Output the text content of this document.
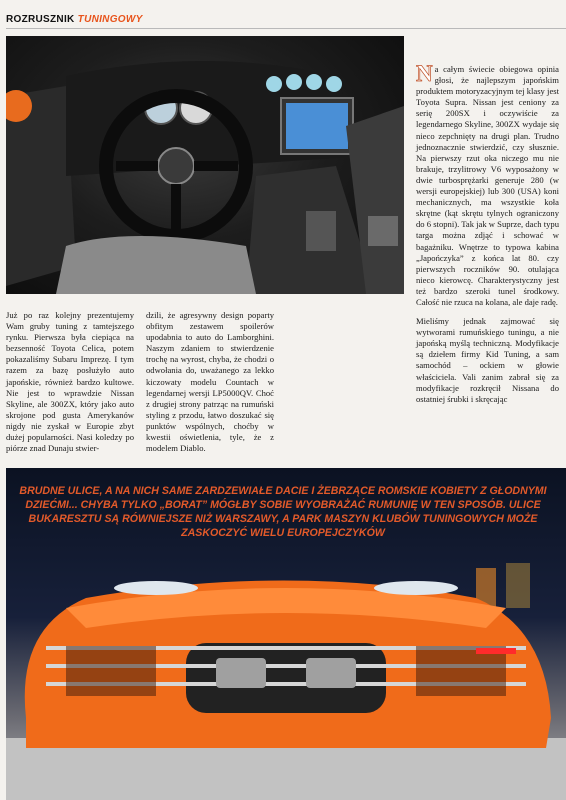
ROZRUSZNIK TUNINGOWY

Na całym świecie obiegowa opinia głosi, że najlepszym japońskim produktem motoryzacyjnym tej klasy jest Toyota Supra. Nissan jest ceniony za serię 200SX i oczywiście za legendarnego Skyline, 300ZX wydaje się nieco zepchnięty na drugi plan. Trudno jednoznacznie stwierdzić, czy słusznie. Na pierwszy rzut oka niczego mu nie brakuje, trzylitrowy V6 wyposażony w dwie turbosprężarki generuje 280 (w wersji europejskiej) lub 300 (USA) koni mechanicznych, ma wszystkie koła skrętne (kąt skrętu tylnych ograniczony do 6 stopni). Tak jak w Suprze, dach typu targa można zdjąć i schować w bagażniku. Wnętrze to typowa kabina „Japończyka” z końca lat 80. czy pierwszych roczników 90. otulająca nieco kierowcę. Charakterystyczny jest też bardzo szeroki tunel środkowy. Całość nie rzuca na kolana, ale daje radę.

Mieliśmy jednak zajmować się wytworami rumuńskiego tuningu, a nie japońską myślą techniczną. Modyfikacje są dziełem firmy Kid Tuning, a sam samochód – ockiem w głowie właściciela. Vali zanim zabrał się za modyfikacje rozkręcił Nissana do ostatniej śrubki i skręcając

Już po raz kolejny prezentujemy Wam gruby tuning z tamtejszego rynku. Pierwsza była ciepiąca na bezsenność Toyota Celica, potem pokazaliśmy Subaru Imprezę. I tym razem za bazę posłużyło auto japońskie, również bardzo kultowe. Nie jest to wprawdzie Nissan Skyline, ale 300ZX, który jako auto skrojone pod gusta Amerykanów nigdy nie zyskał w Europie zbyt dużej popularności. Nasi koledzy po piórze znad Dunaju stwier-

dzili, że agresywny design poparty obfitym zestawem spoilerów upodabnia to auto do Lamborghini. Naszym zdaniem to stwierdzenie trochę na wyrost, chyba, że chodzi o odwołania do, uważanego za lekko kiczowaty modelu Countach w legendarnej wersji LP5000QV. Choć z drugiej strony patrząc na rumuński styling z przodu, łatwo doszukać się punktów wspólnych, choćby w kwestii oświetlenia, tyle, że z modelem Diablo.

BRUDNE ULICE, A NA NICH SAME ZARDZEWIAŁE DACIE I ŻEBRZĄCE ROMSKIE KOBIETY Z GŁODNYMI DZIEĆMI... CHYBA TYLKO „BORAT” MÓGŁBY SOBIE WYOBRAŻAĆ RUMUNIĘ W TEN SPOSÓB. ULICE BUKARESZTU SĄ RÓWNIEJSZE NIŻ WARSZAWY, A PARK MASZYN KLUBÓW TUNINGOWYCH MOŻE ZASKOCZYĆ WIELU EUROPEJCZYKÓW
